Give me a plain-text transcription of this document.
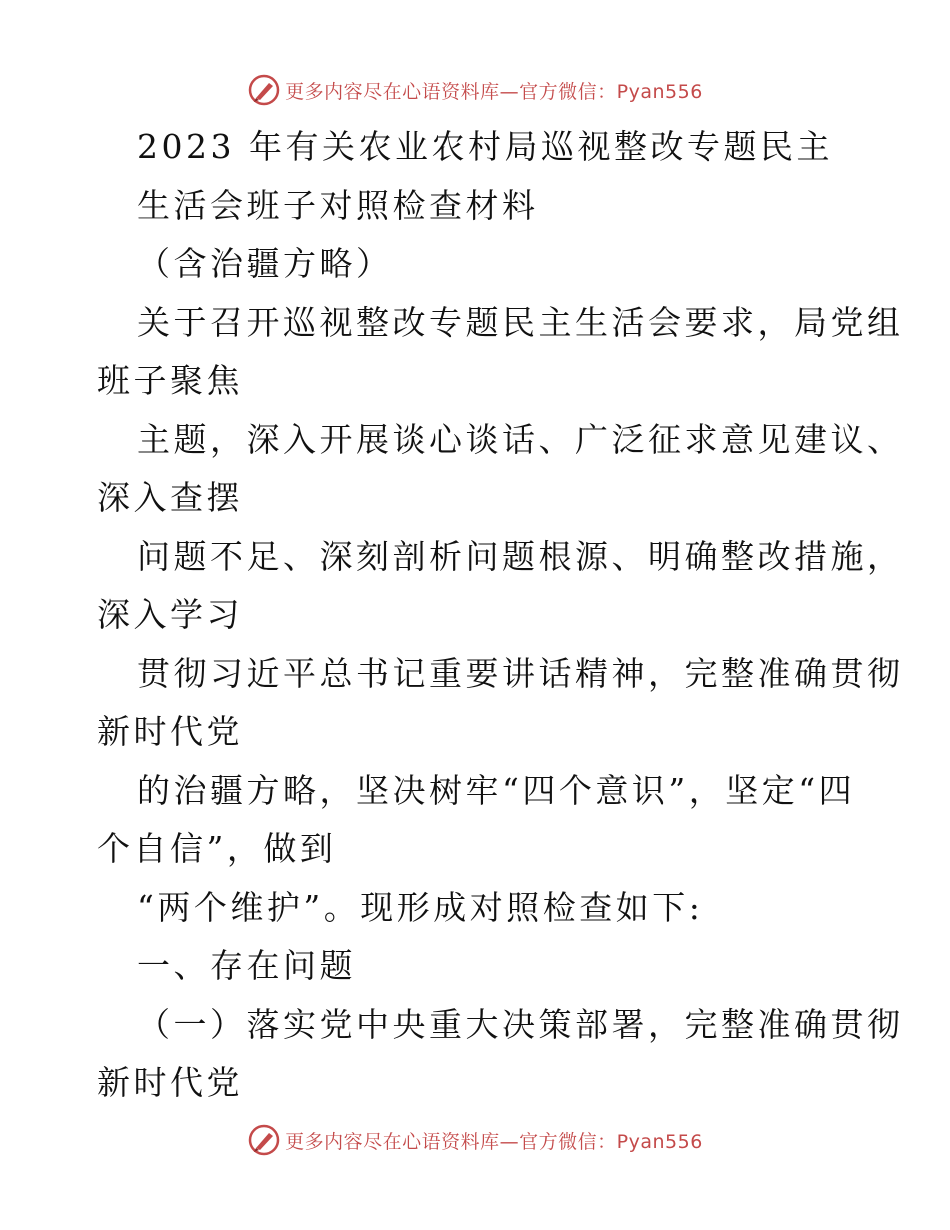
更多内容尽在心语资料库—官方微信：Pyan556
2023 年有关农业农村局巡视整改专题民主
生活会班子对照检查材料
（含治疆方略）
关于召开巡视整改专题民主生活会要求，局党组
班子聚焦
主题，深入开展谈心谈话、广泛征求意见建议、
深入查摆
问题不足、深刻剖析问题根源、明确整改措施，
深入学习
贯彻习近平总书记重要讲话精神，完整准确贯彻
新时代党
的治疆方略，坚决树牢“四个意识”，坚定“四
个自信”，做到
“两个维护”。现形成对照检查如下:
一、存在问题
（一）落实党中央重大决策部署，完整准确贯彻
新时代党
更多内容尽在心语资料库—官方微信：Pyan556
